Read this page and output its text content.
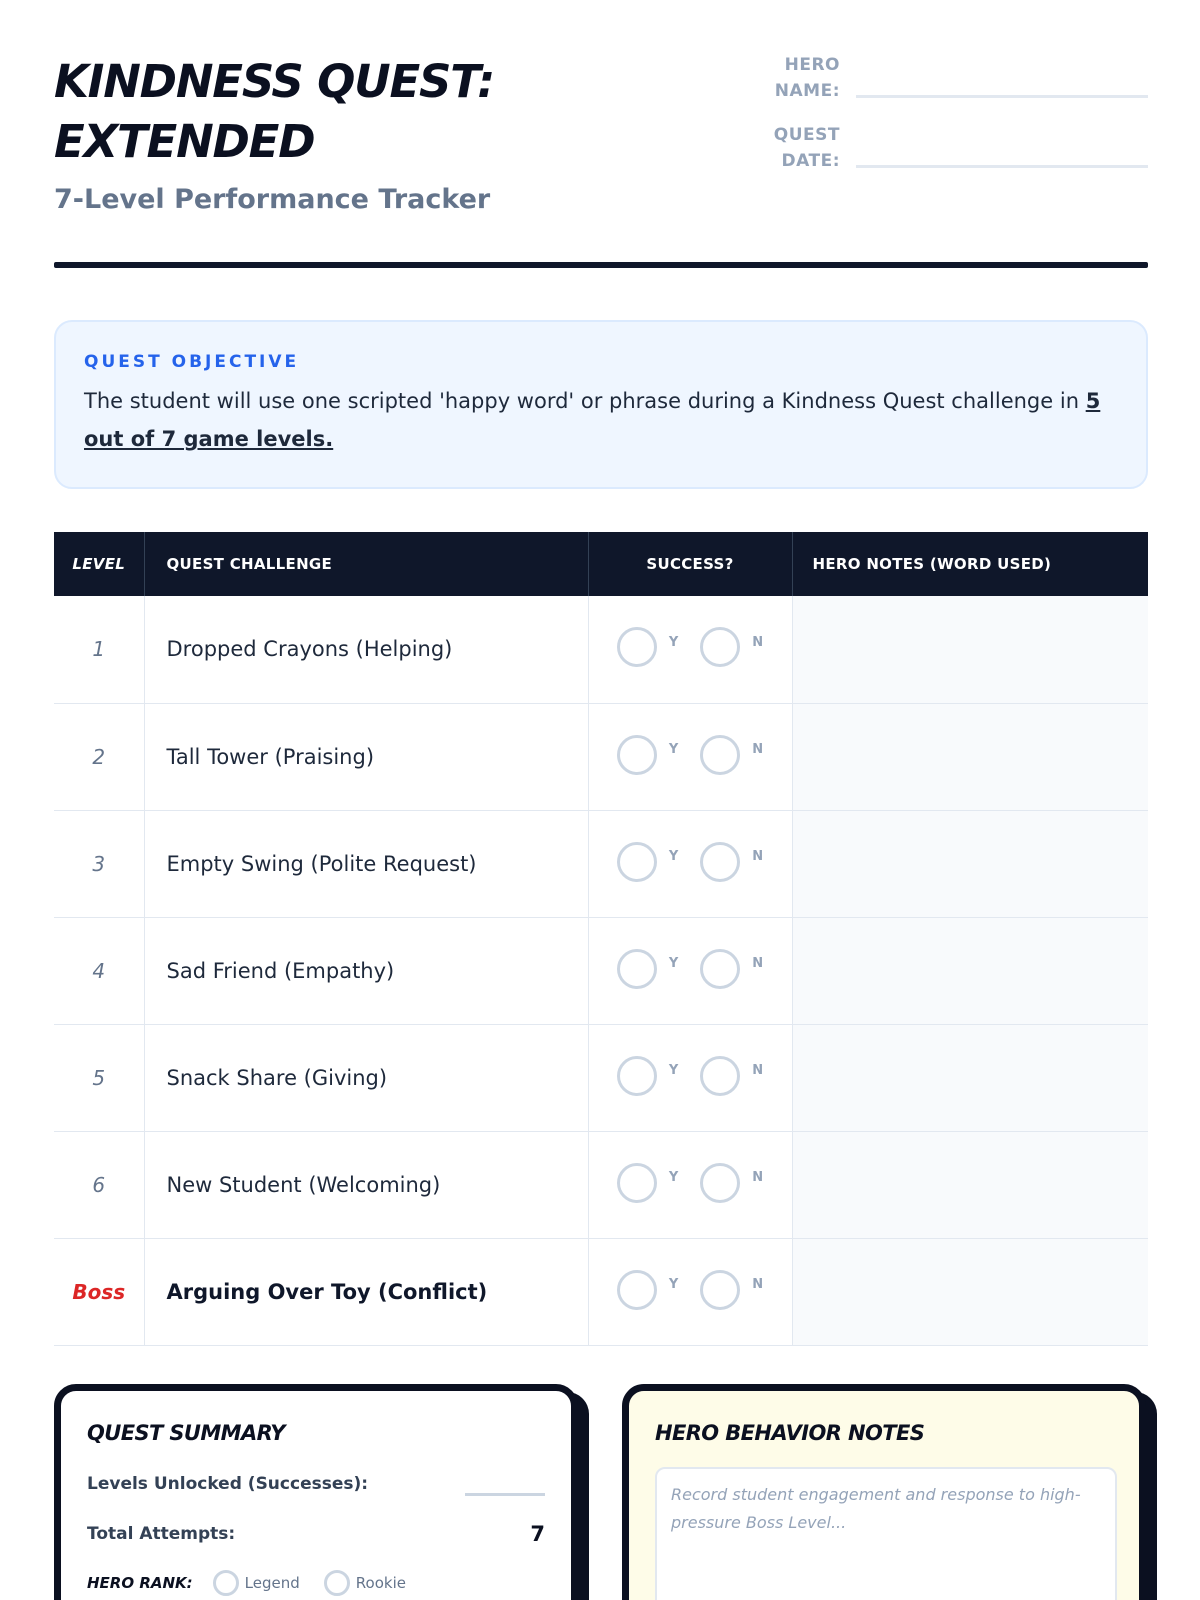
KINDNESS QUEST: EXTENDED
7-Level Performance Tracker
HERO NAME:
QUEST DATE:
QUEST OBJECTIVE
The student will use one scripted 'happy word' or phrase during a Kindness Quest challenge in 5 out of 7 game levels.
LEVEL	QUEST CHALLENGE	SUCCESS?	HERO NOTES (WORD USED)
1	Dropped Crayons (Helping)	Y N	

2	Tall Tower (Praising)	Y N	

3	Empty Swing (Polite Request)	Y N	

4	Sad Friend (Empathy)	Y N	

5	Snack Share (Giving)	Y N	

6	New Student (Welcoming)	Y N	

Boss	Arguing Over Toy (Conflict)	Y N	

QUEST SUMMARY
Levels Unlocked (Successes):
Total Attempts:	7
HERO RANK:	Legend	Rookie
HERO BEHAVIOR NOTES
Record student engagement and response to high-pressure Boss Level...
